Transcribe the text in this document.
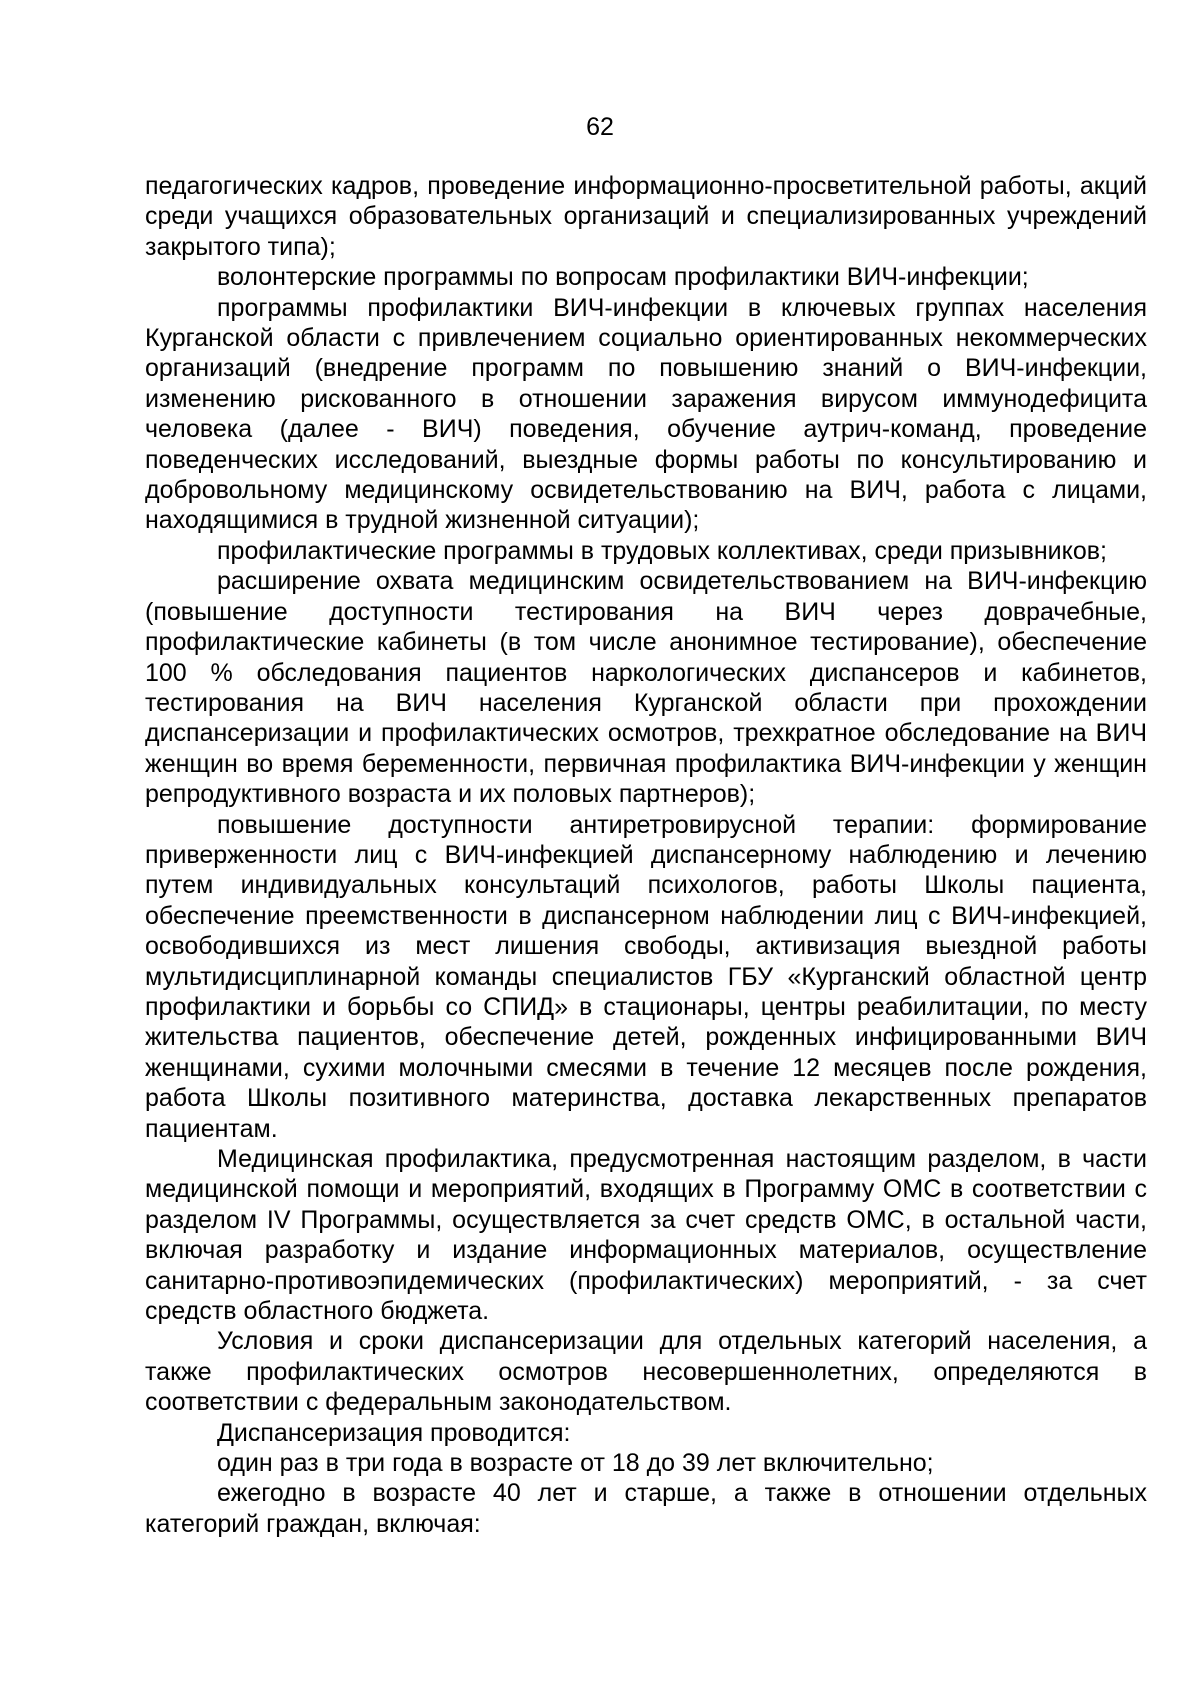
62

педагогических кадров, проведение информационно-просветительной работы, акций среди учащихся образовательных организаций и специализированных учреждений закрытого типа);

волонтерские программы по вопросам профилактики ВИЧ-инфекции;

программы профилактики ВИЧ-инфекции в ключевых группах населения Курганской области с привлечением социально ориентированных некоммерческих организаций (внедрение программ по повышению знаний о ВИЧ-инфекции, изменению рискованного в отношении заражения вирусом иммунодефицита человека (далее - ВИЧ) поведения, обучение аутрич-команд, проведение поведенческих исследований, выездные формы работы по консультированию и добровольному медицинскому освидетельствованию на ВИЧ, работа с лицами, находящимися в трудной жизненной ситуации);

профилактические программы в трудовых коллективах, среди призывников;

расширение охвата медицинским освидетельствованием на ВИЧ-инфекцию (повышение доступности тестирования на ВИЧ через доврачебные, профилактические кабинеты (в том числе анонимное тестирование), обеспечение 100 % обследования пациентов наркологических диспансеров и кабинетов, тестирования на ВИЧ населения Курганской области при прохождении диспансеризации и профилактических осмотров, трехкратное обследование на ВИЧ женщин во время беременности, первичная профилактика ВИЧ-инфекции у женщин репродуктивного возраста и их половых партнеров);

повышение доступности антиретровирусной терапии: формирование приверженности лиц с ВИЧ-инфекцией диспансерному наблюдению и лечению путем индивидуальных консультаций психологов, работы Школы пациента, обеспечение преемственности в диспансерном наблюдении лиц с ВИЧ-инфекцией, освободившихся из мест лишения свободы, активизация выездной работы мультидисциплинарной команды специалистов ГБУ «Курганский областной центр профилактики и борьбы со СПИД» в стационары, центры реабилитации, по месту жительства пациентов, обеспечение детей, рожденных инфицированными ВИЧ женщинами, сухими молочными смесями в течение 12 месяцев после рождения, работа Школы позитивного материнства, доставка лекарственных препаратов пациентам.

Медицинская профилактика, предусмотренная настоящим разделом, в части медицинской помощи и мероприятий, входящих в Программу ОМС в соответствии с разделом IV Программы, осуществляется за счет средств ОМС, в остальной части, включая разработку и издание информационных материалов, осуществление санитарно-противоэпидемических (профилактических) мероприятий, - за счет средств областного бюджета.

Условия и сроки диспансеризации для отдельных категорий населения, а также профилактических осмотров несовершеннолетних, определяются в соответствии с федеральным законодательством.

Диспансеризация проводится:

один раз в три года в возрасте от 18 до 39 лет включительно;

ежегодно в возрасте 40 лет и старше, а также в отношении отдельных категорий граждан, включая:
